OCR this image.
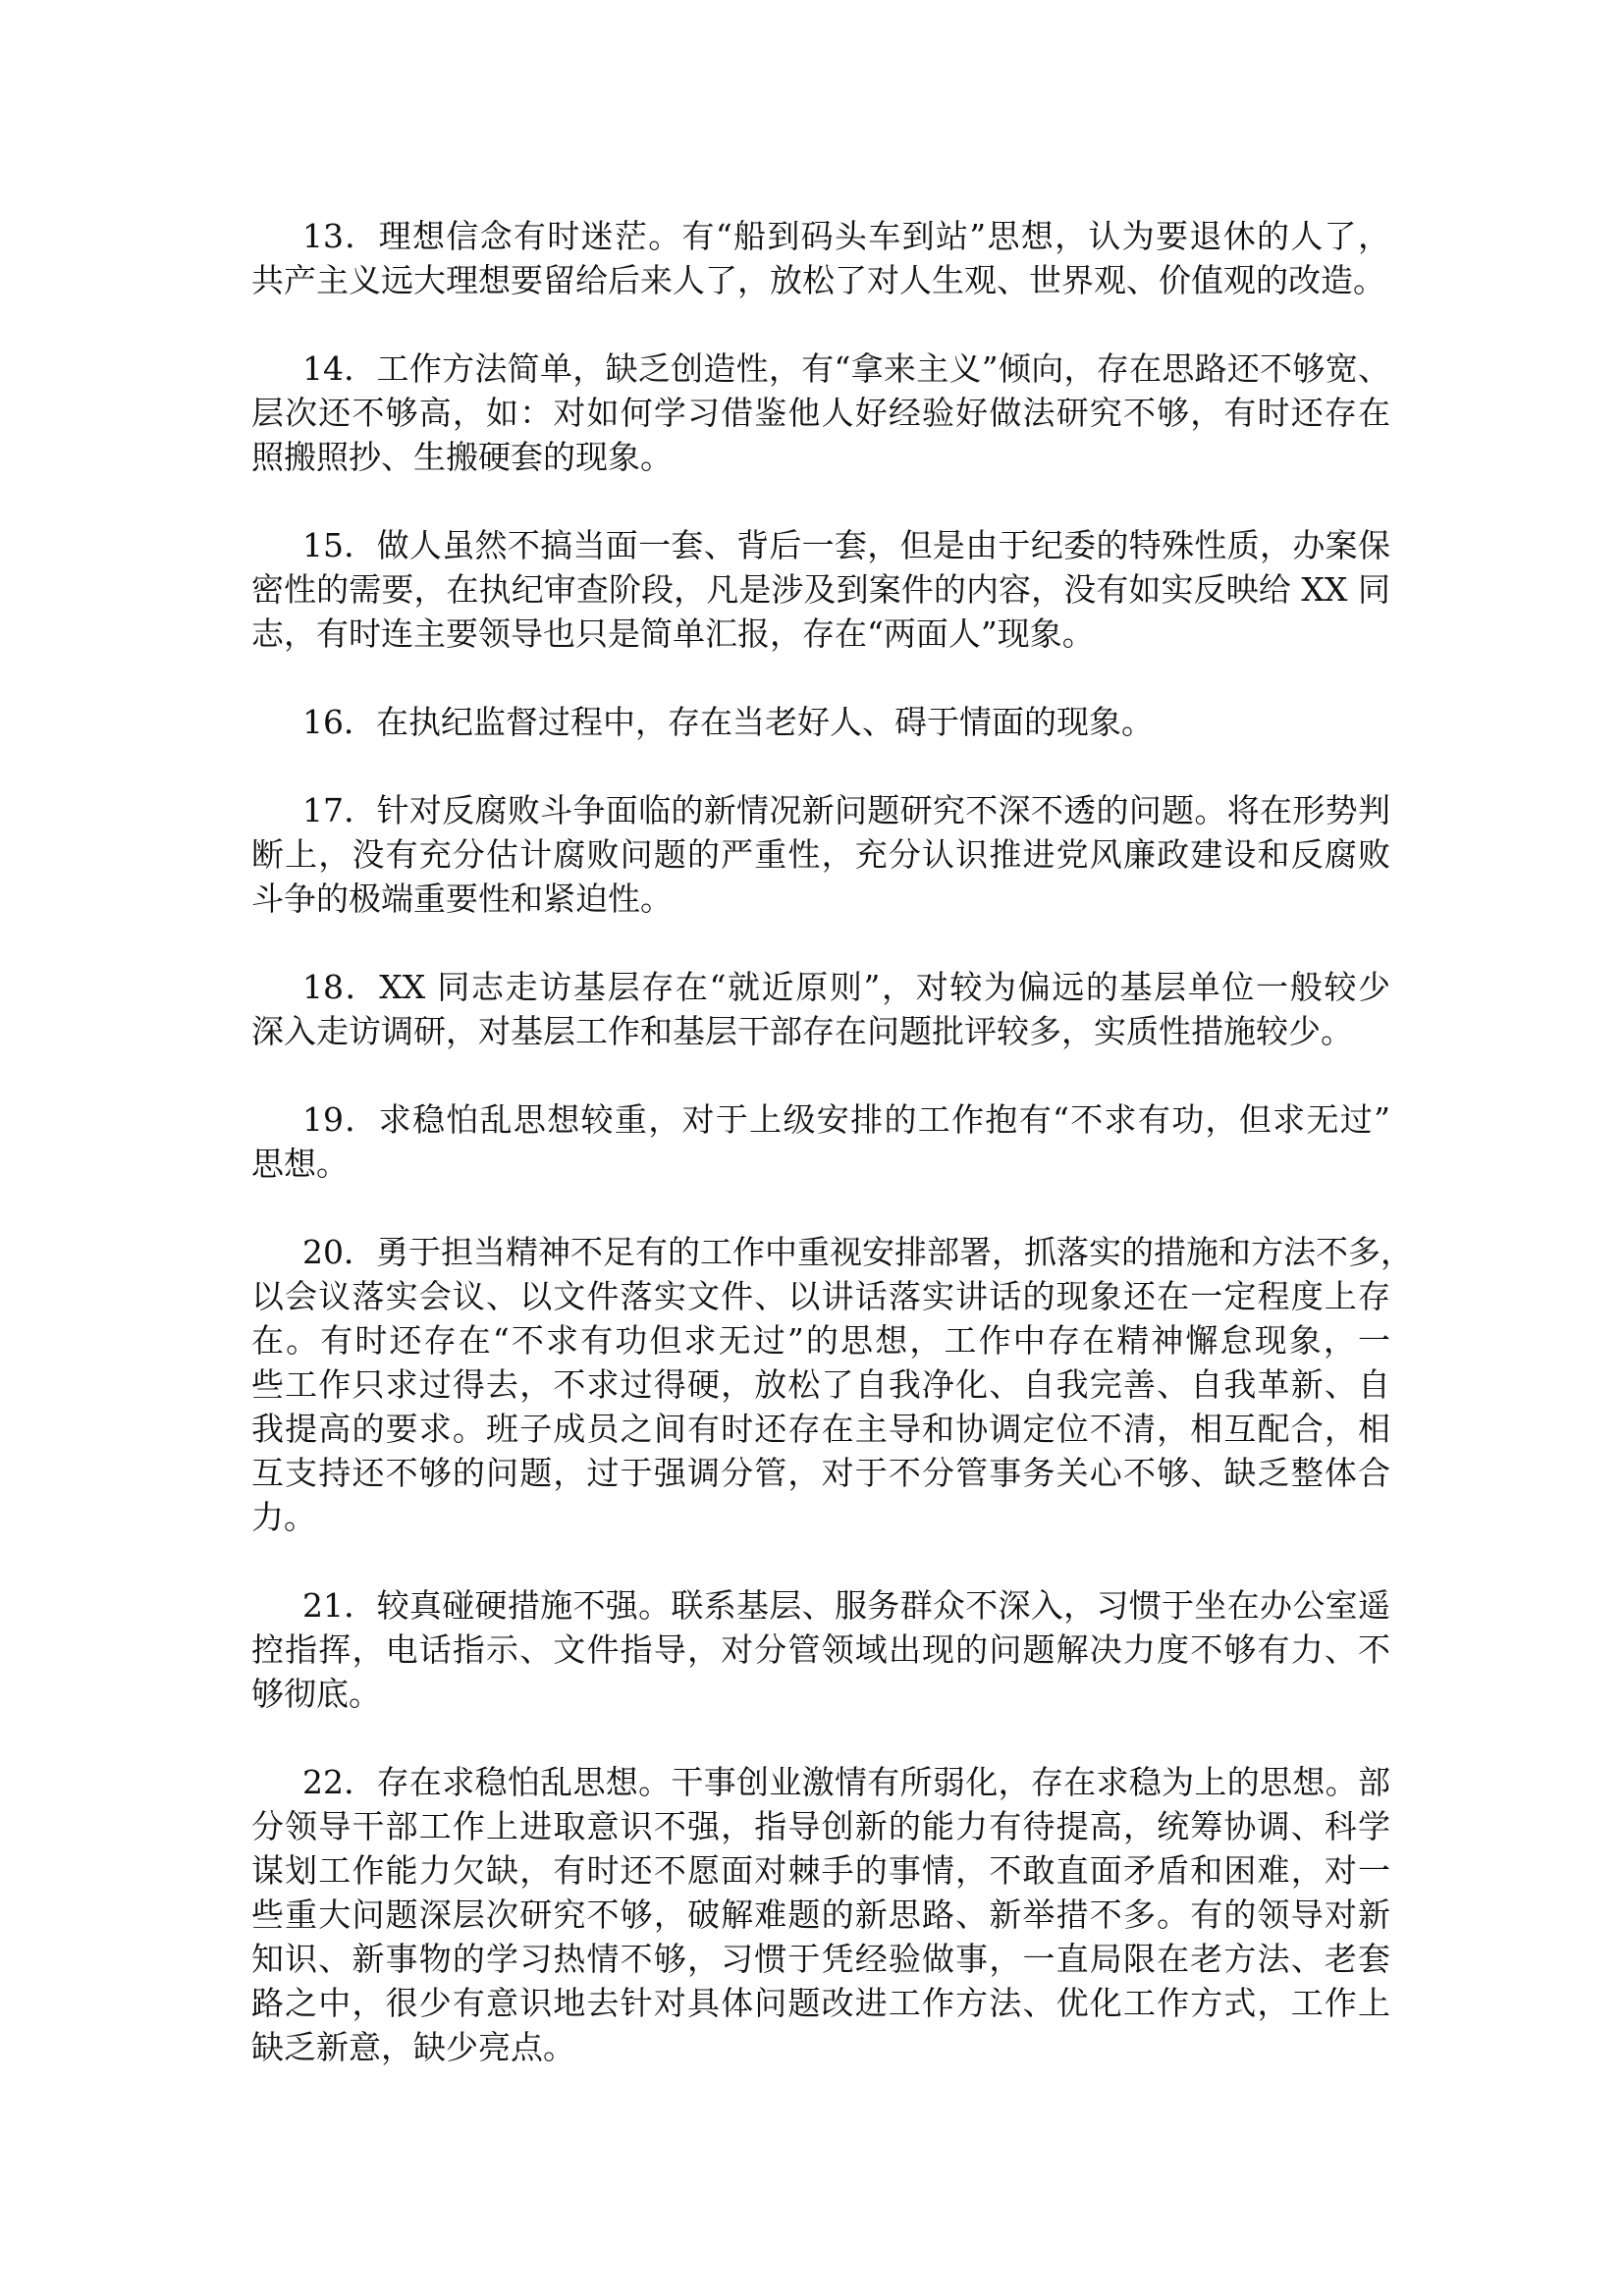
13．理想信念有时迷茫。有“船到码头车到站”思想，认为要退休的人了，
共产主义远大理想要留给后来人了，放松了对人生观、世界观、价值观的改造。
14．工作方法简单，缺乏创造性，有“拿来主义”倾向，存在思路还不够宽、
层次还不够高，如：对如何学习借鉴他人好经验好做法研究不够，有时还存在
照搬照抄、生搬硬套的现象。
15．做人虽然不搞当面一套、背后一套，但是由于纪委的特殊性质，办案保
密性的需要，在执纪审查阶段，凡是涉及到案件的内容，没有如实反映给 XX 同
志，有时连主要领导也只是简单汇报，存在“两面人”现象。
16．在执纪监督过程中，存在当老好人、碍于情面的现象。
17．针对反腐败斗争面临的新情况新问题研究不深不透的问题。将在形势判
断上，没有充分估计腐败问题的严重性，充分认识推进党风廉政建设和反腐败
斗争的极端重要性和紧迫性。
18．XX 同志走访基层存在“就近原则”，对较为偏远的基层单位一般较少
深入走访调研，对基层工作和基层干部存在问题批评较多，实质性措施较少。
19．求稳怕乱思想较重，对于上级安排的工作抱有“不求有功，但求无过”
思想。
20．勇于担当精神不足有的工作中重视安排部署，抓落实的措施和方法不多，
以会议落实会议、以文件落实文件、以讲话落实讲话的现象还在一定程度上存
在。有时还存在“不求有功但求无过”的思想，工作中存在精神懈怠现象，一
些工作只求过得去，不求过得硬，放松了自我净化、自我完善、自我革新、自
我提高的要求。班子成员之间有时还存在主导和协调定位不清，相互配合，相
互支持还不够的问题，过于强调分管，对于不分管事务关心不够、缺乏整体合
力。
21．较真碰硬措施不强。联系基层、服务群众不深入，习惯于坐在办公室遥
控指挥，电话指示、文件指导，对分管领域出现的问题解决力度不够有力、不
够彻底。
22．存在求稳怕乱思想。干事创业激情有所弱化，存在求稳为上的思想。部
分领导干部工作上进取意识不强，指导创新的能力有待提高，统筹协调、科学
谋划工作能力欠缺，有时还不愿面对棘手的事情，不敢直面矛盾和困难，对一
些重大问题深层次研究不够，破解难题的新思路、新举措不多。有的领导对新
知识、新事物的学习热情不够，习惯于凭经验做事，一直局限在老方法、老套
路之中，很少有意识地去针对具体问题改进工作方法、优化工作方式，工作上
缺乏新意，缺少亮点。
